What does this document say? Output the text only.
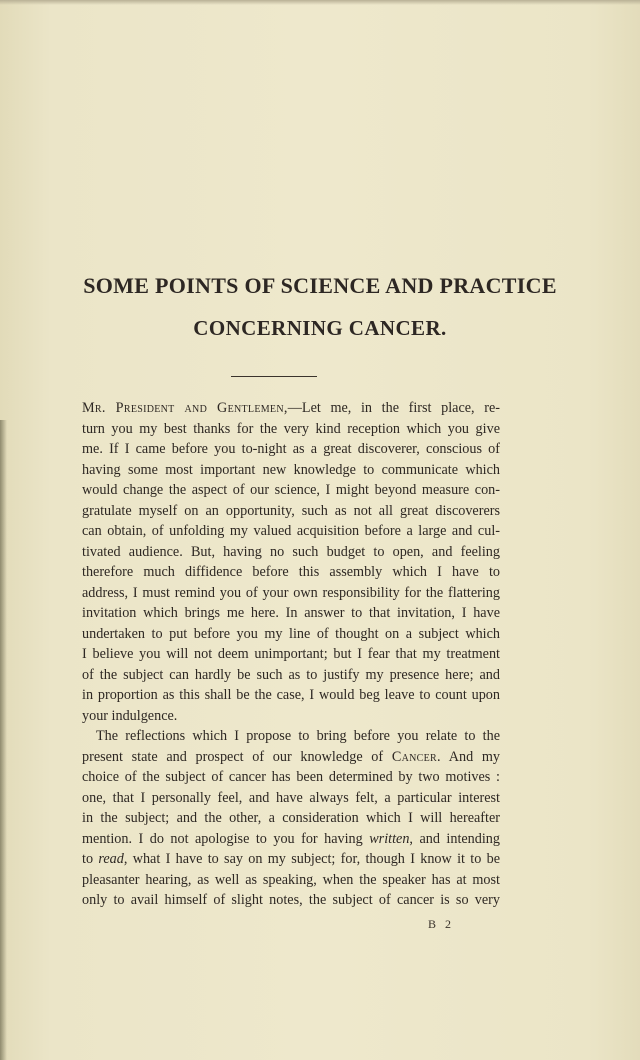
SOME POINTS OF SCIENCE AND PRACTICE
CONCERNING CANCER.
Mr. President and Gentlemen,—Let me, in the first place, re-
turn you my best thanks for the very kind reception which you give
me. If I came before you to-night as a great discoverer, conscious of
having some most important new knowledge to communicate which
would change the aspect of our science, I might beyond measure con-
gratulate myself on an opportunity, such as not all great discoverers
can obtain, of unfolding my valued acquisition before a large and cul-
tivated audience. But, having no such budget to open, and feeling
therefore much diffidence before this assembly which I have to
address, I must remind you of your own responsibility for the flattering
invitation which brings me here. In answer to that invitation, I have
undertaken to put before you my line of thought on a subject which
I believe you will not deem unimportant; but I fear that my treatment
of the subject can hardly be such as to justify my presence here; and
in proportion as this shall be the case, I would beg leave to count upon
your indulgence.
The reflections which I propose to bring before you relate to the
present state and prospect of our knowledge of Cancer. And my
choice of the subject of cancer has been determined by two motives :
one, that I personally feel, and have always felt, a particular interest
in the subject; and the other, a consideration which I will hereafter
mention. I do not apologise to you for having written, and intending
to read, what I have to say on my subject; for, though I know it to be
pleasanter hearing, as well as speaking, when the speaker has at most
only to avail himself of slight notes, the subject of cancer is so very
B 2
